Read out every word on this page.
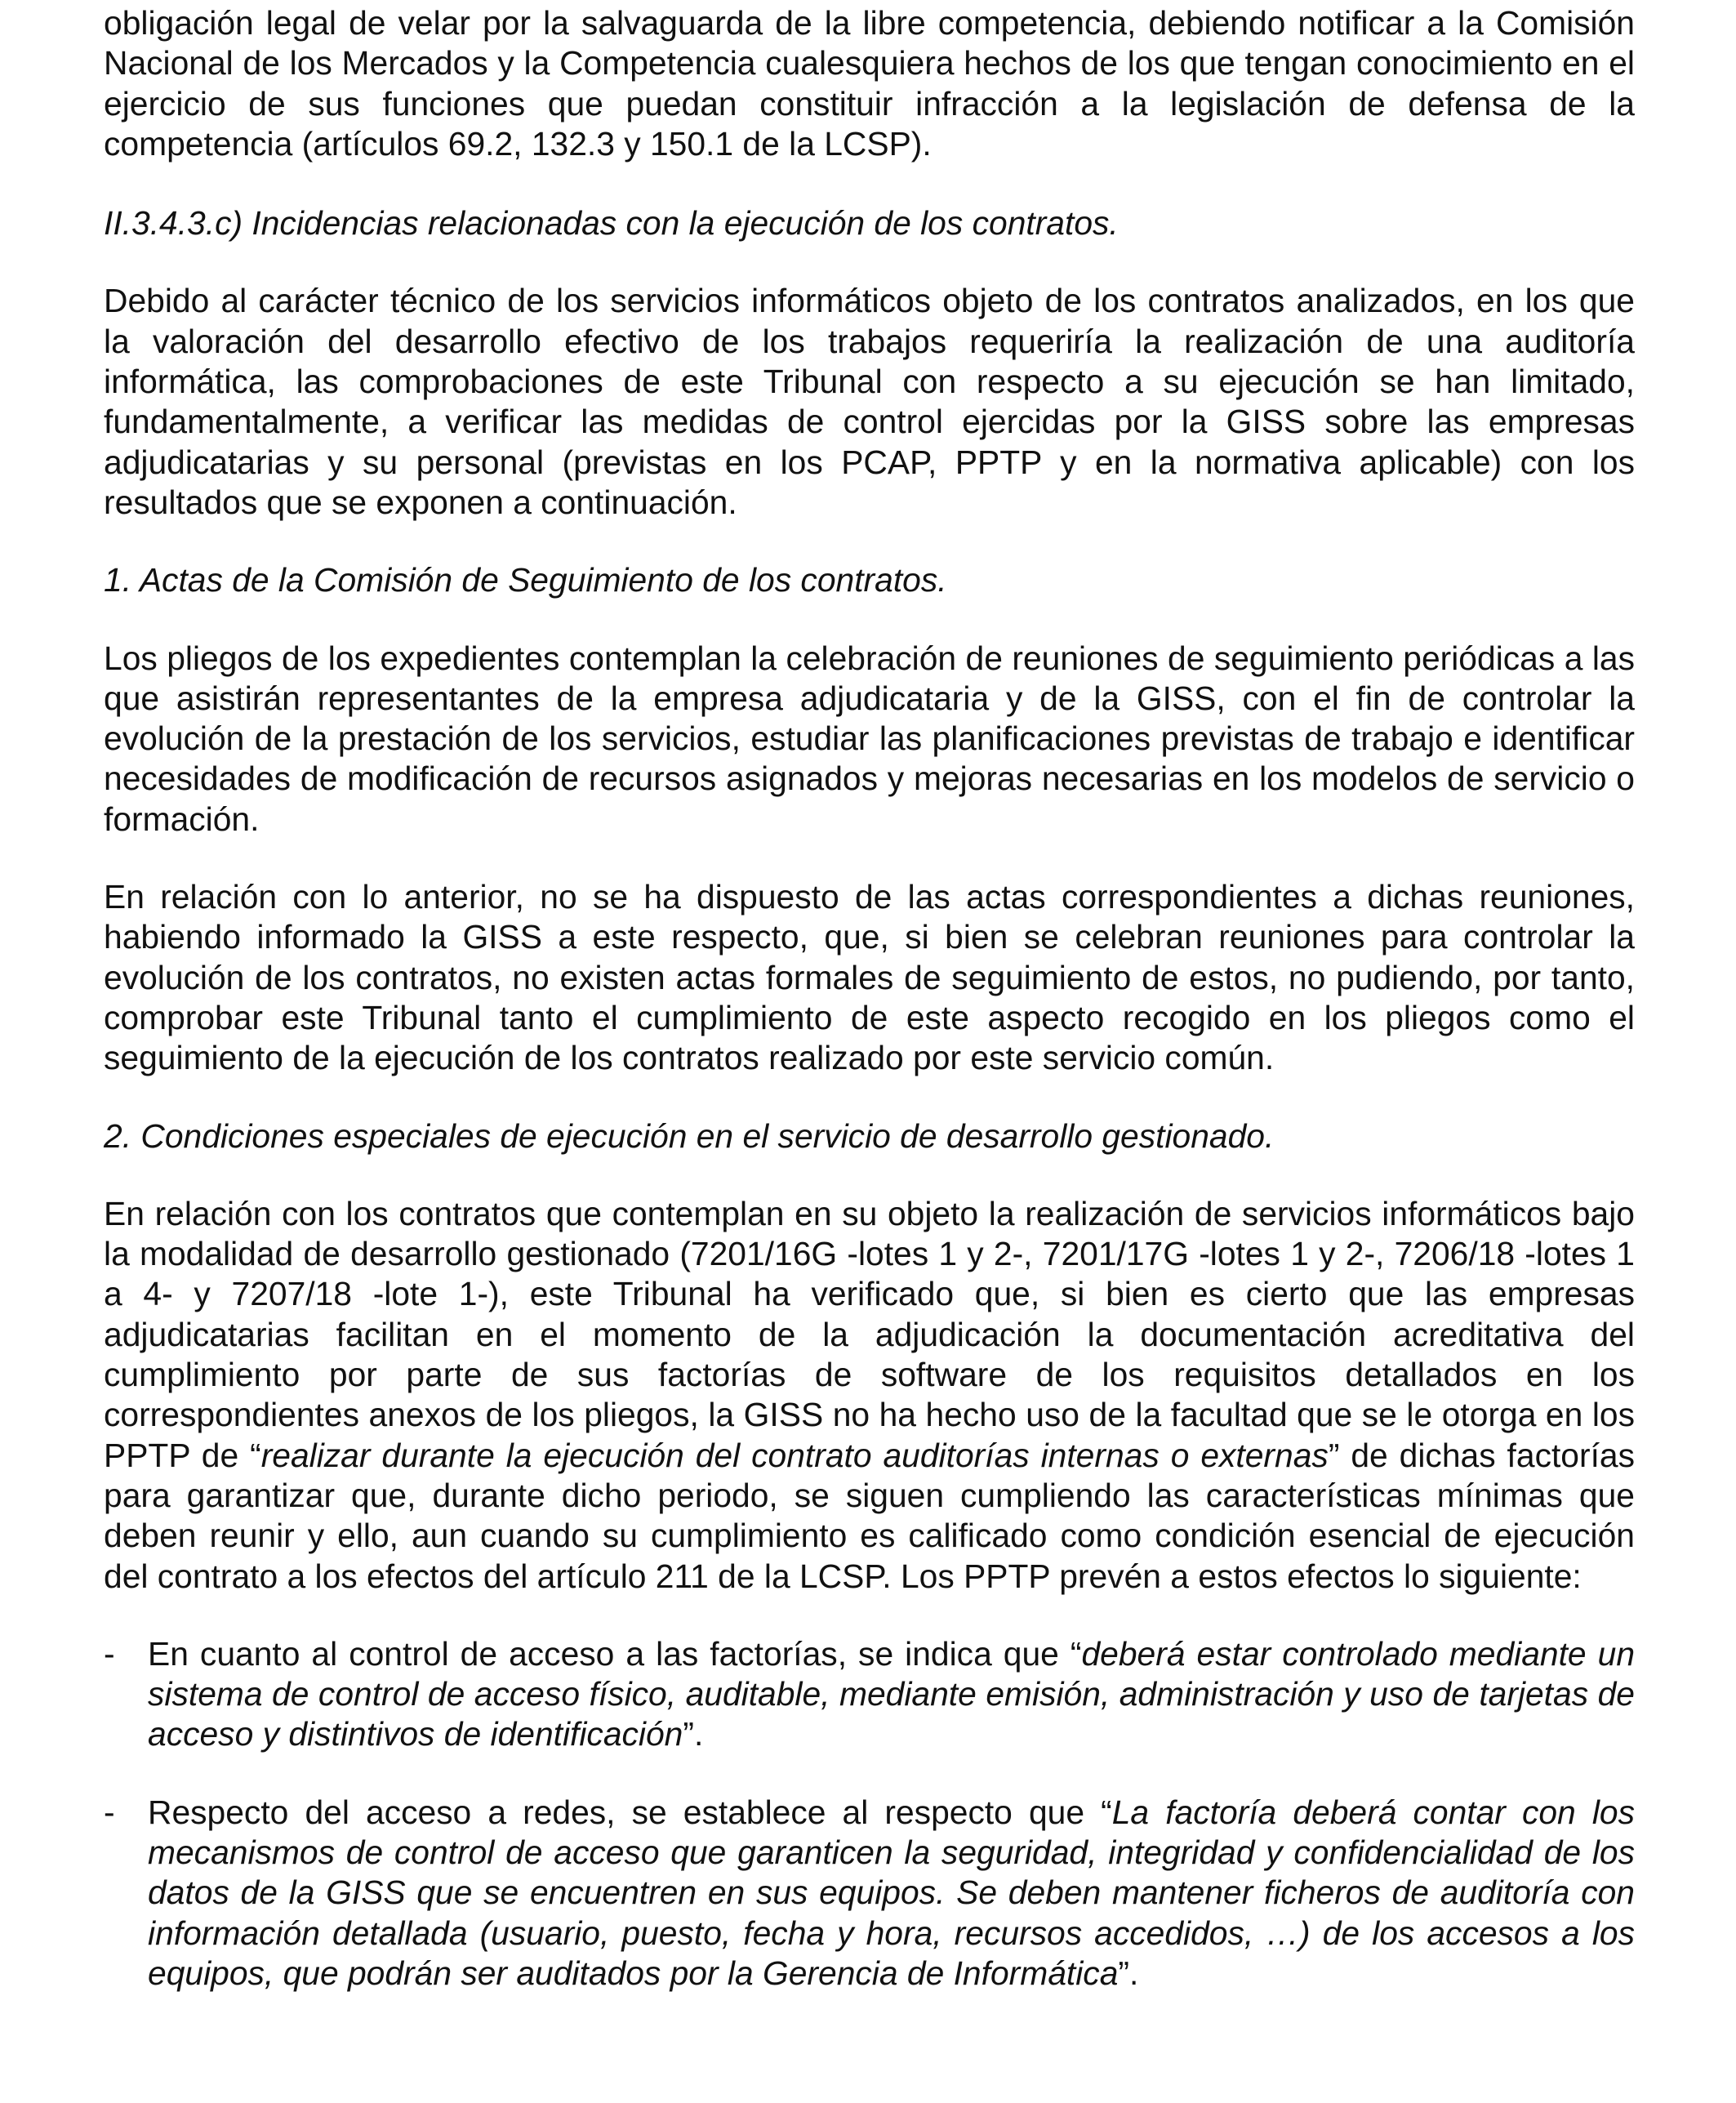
obligación legal de velar por la salvaguarda de la libre competencia, debiendo notificar a la Comisión Nacional de los Mercados y la Competencia cualesquiera hechos de los que tengan conocimiento en el ejercicio de sus funciones que puedan constituir infracción a la legislación de defensa de la competencia (artículos 69.2, 132.3 y 150.1 de la LCSP).

II.3.4.3.c) Incidencias relacionadas con la ejecución de los contratos.

Debido al carácter técnico de los servicios informáticos objeto de los contratos analizados, en los que la valoración del desarrollo efectivo de los trabajos requeriría la realización de una auditoría informática, las comprobaciones de este Tribunal con respecto a su ejecución se han limitado, fundamentalmente, a verificar las medidas de control ejercidas por la GISS sobre las empresas adjudicatarias y su personal (previstas en los PCAP, PPTP y en la normativa aplicable) con los resultados que se exponen a continuación.

1. Actas de la Comisión de Seguimiento de los contratos.

Los pliegos de los expedientes contemplan la celebración de reuniones de seguimiento periódicas a las que asistirán representantes de la empresa adjudicataria y de la GISS, con el fin de controlar la evolución de la prestación de los servicios, estudiar las planificaciones previstas de trabajo e identificar necesidades de modificación de recursos asignados y mejoras necesarias en los modelos de servicio o formación.

En relación con lo anterior, no se ha dispuesto de las actas correspondientes a dichas reuniones, habiendo informado la GISS a este respecto, que, si bien se celebran reuniones para controlar la evolución de los contratos, no existen actas formales de seguimiento de estos, no pudiendo, por tanto, comprobar este Tribunal tanto el cumplimiento de este aspecto recogido en los pliegos como el seguimiento de la ejecución de los contratos realizado por este servicio común.

2. Condiciones especiales de ejecución en el servicio de desarrollo gestionado.

En relación con los contratos que contemplan en su objeto la realización de servicios informáticos bajo la modalidad de desarrollo gestionado (7201/16G -lotes 1 y 2-, 7201/17G -lotes 1 y 2-, 7206/18 -lotes 1 a 4- y 7207/18 -lote 1-), este Tribunal ha verificado que, si bien es cierto que las empresas adjudicatarias facilitan en el momento de la adjudicación la documentación acreditativa del cumplimiento por parte de sus factorías de software de los requisitos detallados en los correspondientes anexos de los pliegos, la GISS no ha hecho uso de la facultad que se le otorga en los PPTP de “realizar durante la ejecución del contrato auditorías internas o externas” de dichas factorías para garantizar que, durante dicho periodo, se siguen cumpliendo las características mínimas que deben reunir y ello, aun cuando su cumplimiento es calificado como condición esencial de ejecución del contrato a los efectos del artículo 211 de la LCSP. Los PPTP prevén a estos efectos lo siguiente:

- En cuanto al control de acceso a las factorías, se indica que “deberá estar controlado mediante un sistema de control de acceso físico, auditable, mediante emisión, administración y uso de tarjetas de acceso y distintivos de identificación”.
- Respecto del acceso a redes, se establece al respecto que “La factoría deberá contar con los mecanismos de control de acceso que garanticen la seguridad, integridad y confidencialidad de los datos de la GISS que se encuentren en sus equipos. Se deben mantener ficheros de auditoría con información detallada (usuario, puesto, fecha y hora, recursos accedidos, …) de los accesos a los equipos, que podrán ser auditados por la Gerencia de Informática”.
